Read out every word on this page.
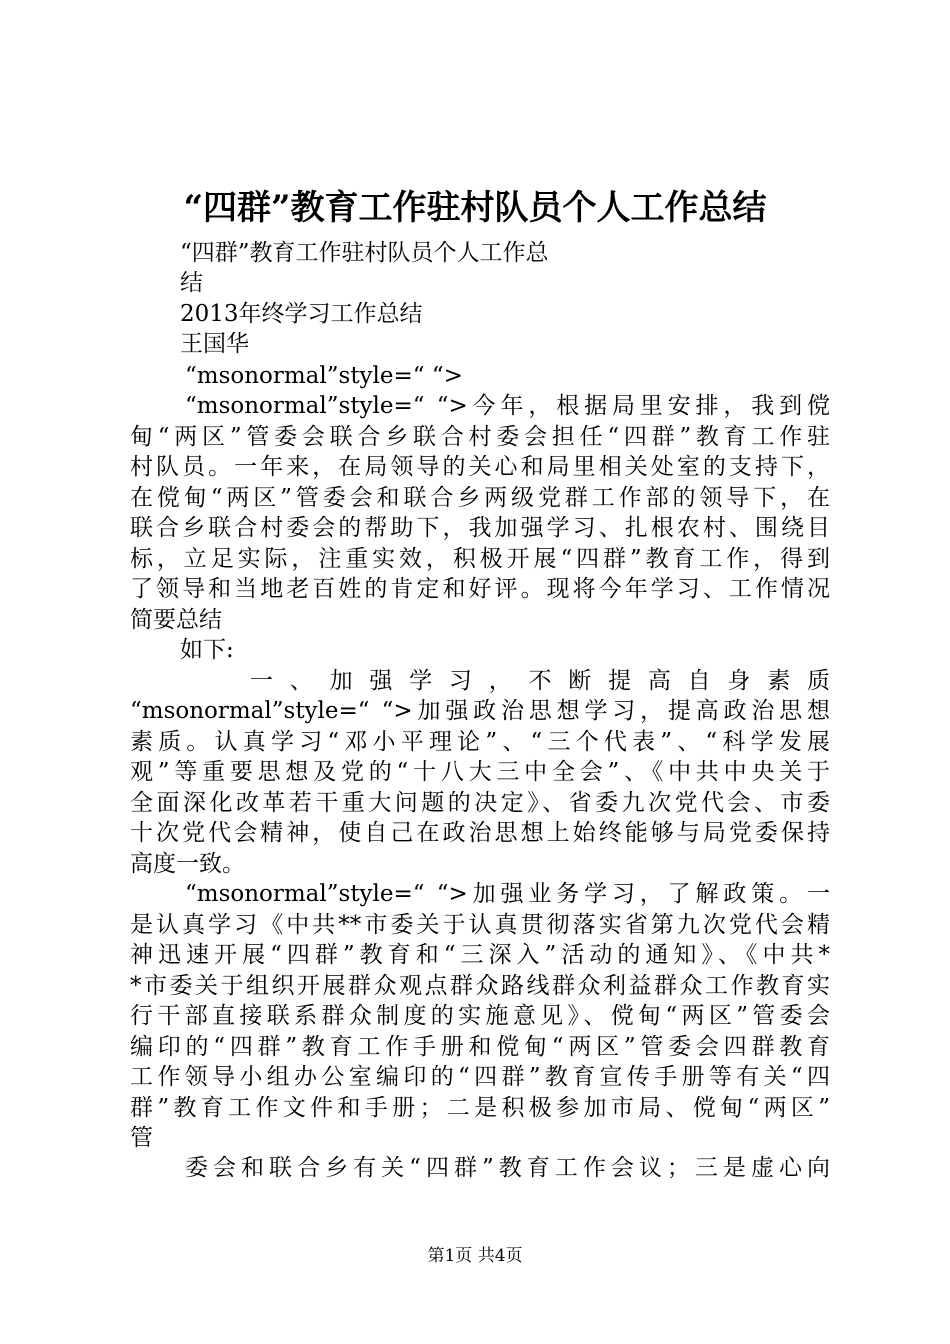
“四群”教育工作驻村队员个人工作总结
“四群”教育工作驻村队员个人工作总
结
2013年终学习工作总结
王国华
“msonormal”style=“ “>
“msonormal”style=“ “>今年，根据局里安排，我到傥
甸“两区”管委会联合乡联合村委会担任“四群”教育工作驻
村队员。一年来，在局领导的关心和局里相关处室的支持下，
在傥甸“两区”管委会和联合乡两级党群工作部的领导下，在
联合乡联合村委会的帮助下，我加强学习、扎根农村、围绕目
标，立足实际，注重实效，积极开展“四群”教育工作，得到
了领导和当地老百姓的肯定和好评。现将今年学习、工作情况
简要总结
如下:
一、加强学习，不断提高自身素质
“msonormal”style=“ “>加强政治思想学习，提高政治思想
素质。认真学习“邓小平理论”、“三个代表”、“科学发展
观”等重要思想及党的“十八大三中全会”、《中共中央关于
全面深化改革若干重大问题的决定》、省委九次党代会、市委
十次党代会精神，使自己在政治思想上始终能够与局党委保持
高度一致。
“msonormal”style=“ “>加强业务学习，了解政策。一
是认真学习《中共**市委关于认真贯彻落实省第九次党代会精
神迅速开展“四群”教育和“三深入”活动的通知》、《中共*
*市委关于组织开展群众观点群众路线群众利益群众工作教育实
行干部直接联系群众制度的实施意见》、傥甸“两区”管委会
编印的“四群”教育工作手册和傥甸“两区”管委会四群教育
工作领导小组办公室编印的“四群”教育宣传手册等有关“四
群”教育工作文件和手册；二是积极参加市局、傥甸“两区”
管
委会和联合乡有关“四群”教育工作会议；三是虚心向
第1页 共4页
